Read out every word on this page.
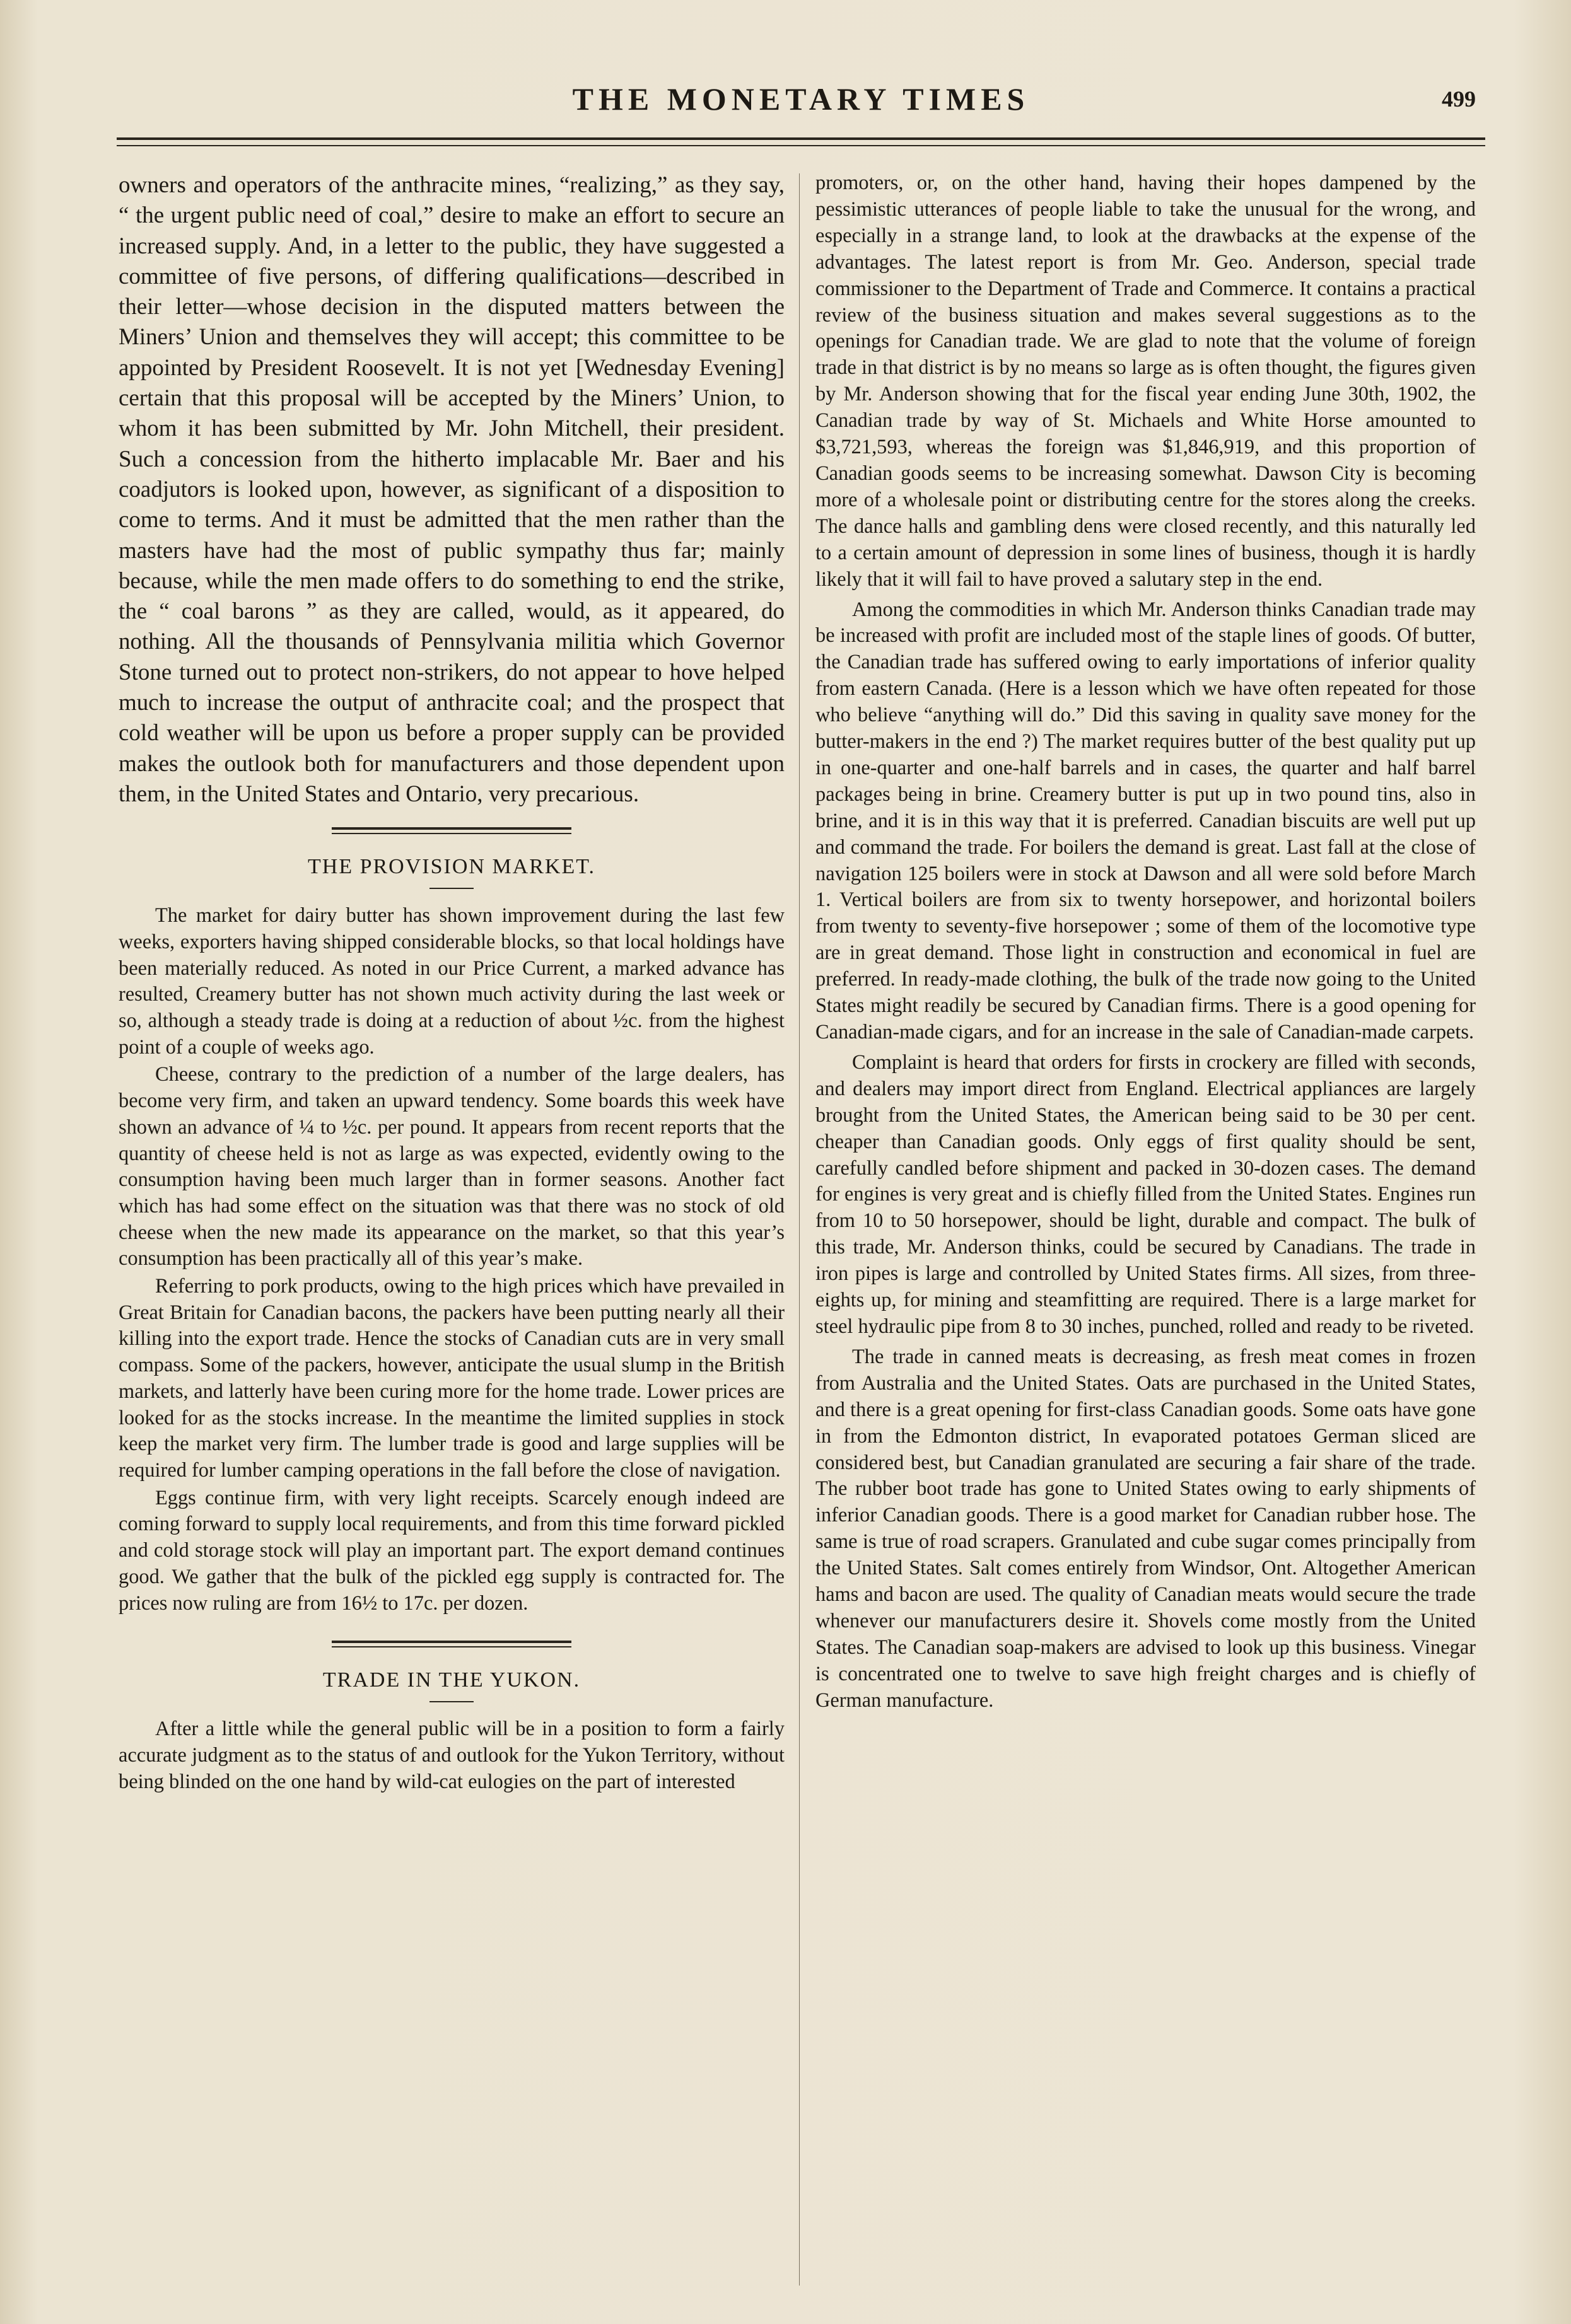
THE MONETARY TIMES	499

owners and operators of the anthracite mines, “realizing,” as they say, “ the urgent public need of coal,” desire to make an effort to secure an increased supply. And, in a letter to the public, they have suggested a committee of five persons, of differing qualifications—described in their letter—whose decision in the disputed matters between the Miners’ Union and themselves they will accept; this committee to be appointed by President Roosevelt. It is not yet [Wednesday Evening] certain that this proposal will be accepted by the Miners’ Union, to whom it has been submitted by Mr. John Mitchell, their president. Such a concession from the hitherto implacable Mr. Baer and his coadjutors is looked upon, however, as significant of a disposition to come to terms. And it must be admitted that the men rather than the masters have had the most of public sympathy thus far; mainly because, while the men made offers to do something to end the strike, the “ coal barons ” as they are called, would, as it appeared, do nothing. All the thousands of Pennsylvania militia which Governor Stone turned out to protect non-strikers, do not appear to hove helped much to increase the output of anthracite coal; and the prospect that cold weather will be upon us before a proper supply can be provided makes the outlook both for manufacturers and those dependent upon them, in the United States and Ontario, very precarious.

THE PROVISION MARKET.

The market for dairy butter has shown improvement during the last few weeks, exporters having shipped considerable blocks, so that local holdings have been materially reduced. As noted in our Price Current, a marked advance has resulted, Creamery butter has not shown much activity during the last week or so, although a steady trade is doing at a reduction of about ½c. from the highest point of a couple of weeks ago.

Cheese, contrary to the prediction of a number of the large dealers, has become very firm, and taken an upward tendency. Some boards this week have shown an advance of ¼ to ½c. per pound. It appears from recent reports that the quantity of cheese held is not as large as was expected, evidently owing to the consumption having been much larger than in former seasons. Another fact which has had some effect on the situation was that there was no stock of old cheese when the new made its appearance on the market, so that this year’s consumption has been practically all of this year’s make.

Referring to pork products, owing to the high prices which have prevailed in Great Britain for Canadian bacons, the packers have been putting nearly all their killing into the export trade. Hence the stocks of Canadian cuts are in very small compass. Some of the packers, however, anticipate the usual slump in the British markets, and latterly have been curing more for the home trade. Lower prices are looked for as the stocks increase. In the meantime the limited supplies in stock keep the market very firm. The lumber trade is good and large supplies will be required for lumber camping operations in the fall before the close of navigation.

Eggs continue firm, with very light receipts. Scarcely enough indeed are coming forward to supply local requirements, and from this time forward pickled and cold storage stock will play an important part. The export demand continues good. We gather that the bulk of the pickled egg supply is contracted for. The prices now ruling are from 16½ to 17c. per dozen.

TRADE IN THE YUKON.

After a little while the general public will be in a position to form a fairly accurate judgment as to the status of and outlook for the Yukon Territory, without being blinded on the one hand by wild-cat eulogies on the part of interested

promoters, or, on the other hand, having their hopes dampened by the pessimistic utterances of people liable to take the unusual for the wrong, and especially in a strange land, to look at the drawbacks at the expense of the advantages. The latest report is from Mr. Geo. Anderson, special trade commissioner to the Department of Trade and Commerce. It contains a practical review of the business situation and makes several suggestions as to the openings for Canadian trade. We are glad to note that the volume of foreign trade in that district is by no means so large as is often thought, the figures given by Mr. Anderson showing that for the fiscal year ending June 30th, 1902, the Canadian trade by way of St. Michaels and White Horse amounted to $3,721,593, whereas the foreign was $1,846,919, and this proportion of Canadian goods seems to be increasing somewhat. Dawson City is becoming more of a wholesale point or distributing centre for the stores along the creeks. The dance halls and gambling dens were closed recently, and this naturally led to a certain amount of depression in some lines of business, though it is hardly likely that it will fail to have proved a salutary step in the end.

Among the commodities in which Mr. Anderson thinks Canadian trade may be increased with profit are included most of the staple lines of goods. Of butter, the Canadian trade has suffered owing to early importations of inferior quality from eastern Canada. (Here is a lesson which we have often repeated for those who believe “anything will do.” Did this saving in quality save money for the butter-makers in the end ?) The market requires butter of the best quality put up in one-quarter and one-half barrels and in cases, the quarter and half barrel packages being in brine. Creamery butter is put up in two pound tins, also in brine, and it is in this way that it is preferred. Canadian biscuits are well put up and command the trade. For boilers the demand is great. Last fall at the close of navigation 125 boilers were in stock at Dawson and all were sold before March 1. Vertical boilers are from six to twenty horsepower, and horizontal boilers from twenty to seventy-five horsepower ; some of them of the locomotive type are in great demand. Those light in construction and economical in fuel are preferred. In ready-made clothing, the bulk of the trade now going to the United States might readily be secured by Canadian firms. There is a good opening for Canadian-made cigars, and for an increase in the sale of Canadian-made carpets.

Complaint is heard that orders for firsts in crockery are filled with seconds, and dealers may import direct from England. Electrical appliances are largely brought from the United States, the American being said to be 30 per cent. cheaper than Canadian goods. Only eggs of first quality should be sent, carefully candled before shipment and packed in 30-dozen cases. The demand for engines is very great and is chiefly filled from the United States. Engines run from 10 to 50 horsepower, should be light, durable and compact. The bulk of this trade, Mr. Anderson thinks, could be secured by Canadians. The trade in iron pipes is large and controlled by United States firms. All sizes, from three-eights up, for mining and steamfitting are required. There is a large market for steel hydraulic pipe from 8 to 30 inches, punched, rolled and ready to be riveted.

The trade in canned meats is decreasing, as fresh meat comes in frozen from Australia and the United States. Oats are purchased in the United States, and there is a great opening for first-class Canadian goods. Some oats have gone in from the Edmonton district, In evaporated potatoes German sliced are considered best, but Canadian granulated are securing a fair share of the trade. The rubber boot trade has gone to United States owing to early shipments of inferior Canadian goods. There is a good market for Canadian rubber hose. The same is true of road scrapers. Granulated and cube sugar comes principally from the United States. Salt comes entirely from Windsor, Ont. Altogether American hams and bacon are used. The quality of Canadian meats would secure the trade whenever our manufacturers desire it. Shovels come mostly from the United States. The Canadian soap-makers are advised to look up this business. Vinegar is concentrated one to twelve to save high freight charges and is chiefly of German manufacture.
